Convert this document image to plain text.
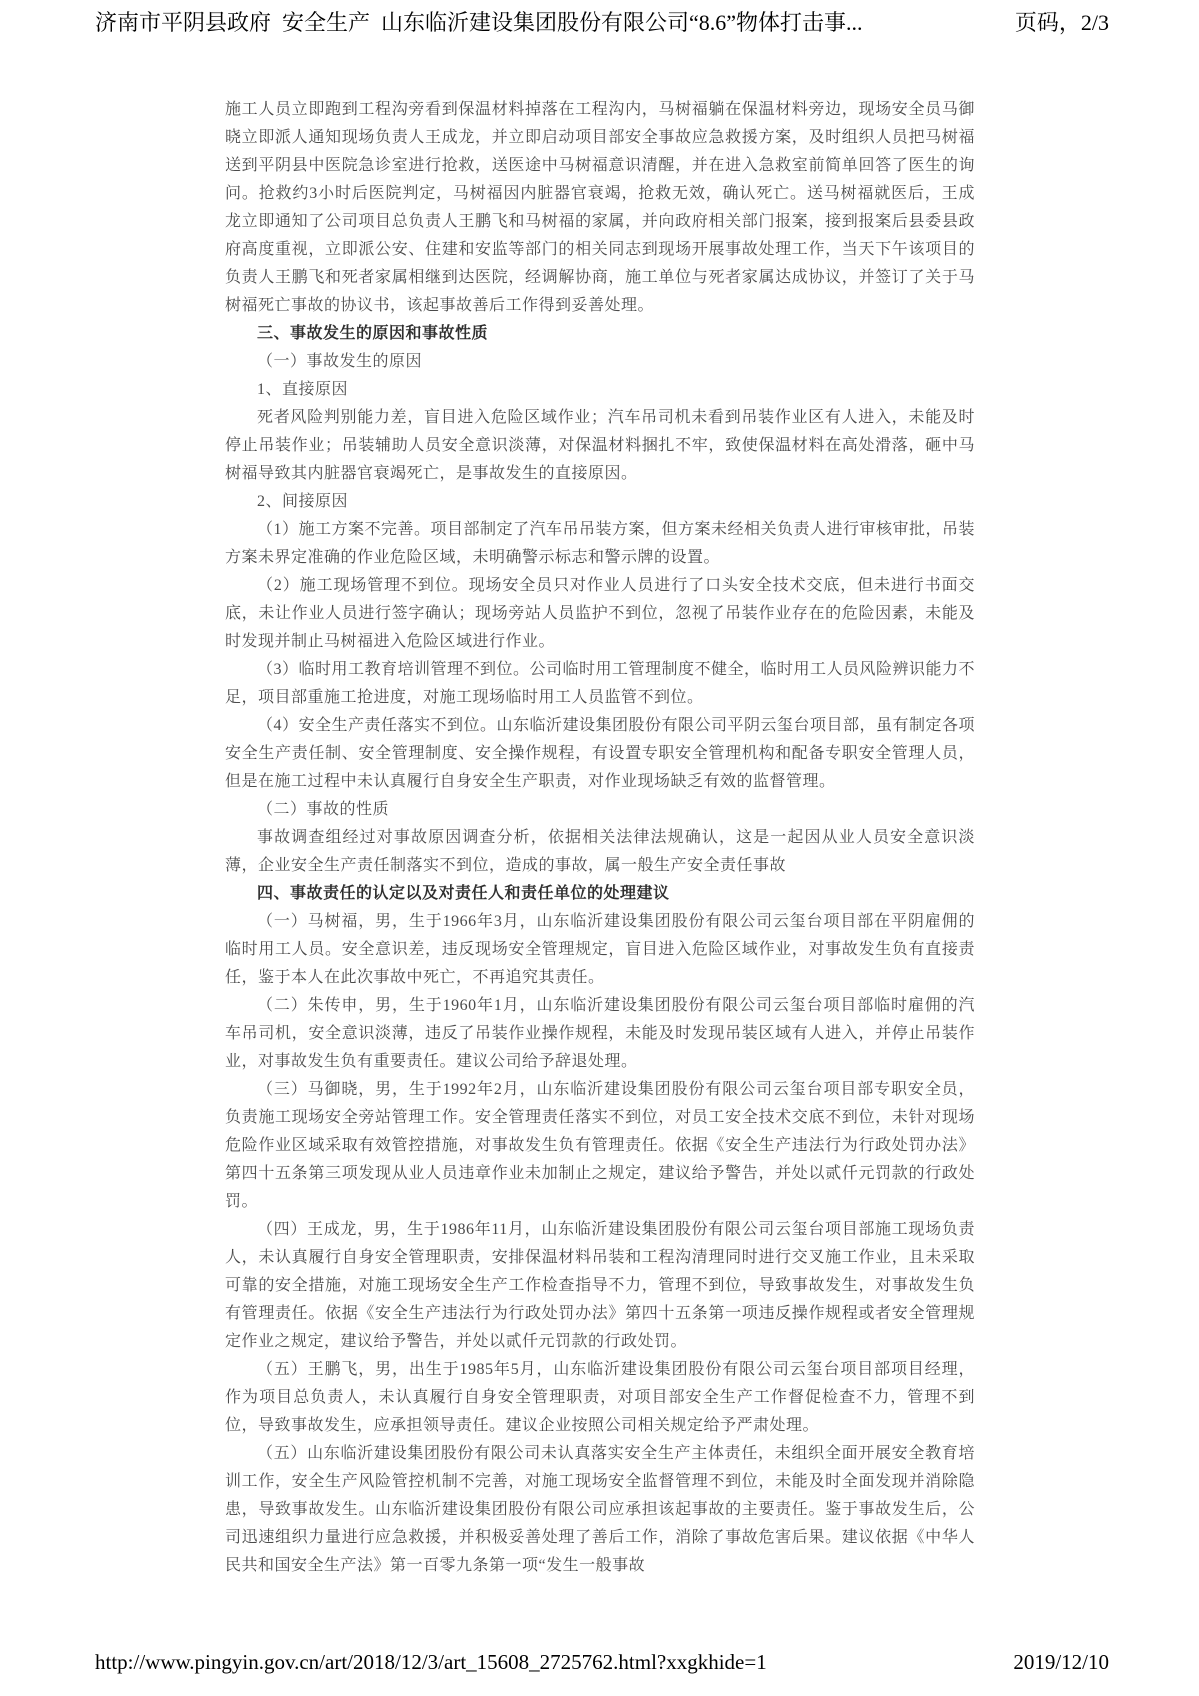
济南市平阴县政府  安全生产  山东临沂建设集团股份有限公司“8.6”物体打击事...	页码，2/3

施工人员立即跑到工程沟旁看到保温材料掉落在工程沟内，马树福躺在保温材料旁边，现场安全员马御晓立即派人通知现场负责人王成龙，并立即启动项目部安全事故应急救援方案，及时组织人员把马树福送到平阴县中医院急诊室进行抢救，送医途中马树福意识清醒，并在进入急救室前简单回答了医生的询问。抢救约3小时后医院判定，马树福因内脏器官衰竭，抢救无效，确认死亡。送马树福就医后，王成龙立即通知了公司项目总负责人王鹏飞和马树福的家属，并向政府相关部门报案，接到报案后县委县政府高度重视，立即派公安、住建和安监等部门的相关同志到现场开展事故处理工作，当天下午该项目的负责人王鹏飞和死者家属相继到达医院，经调解协商，施工单位与死者家属达成协议，并签订了关于马树福死亡事故的协议书，该起事故善后工作得到妥善处理。

三、事故发生的原因和事故性质

（一）事故发生的原因

1、直接原因

死者风险判别能力差，盲目进入危险区域作业；汽车吊司机未看到吊装作业区有人进入，未能及时停止吊装作业；吊装辅助人员安全意识淡薄，对保温材料捆扎不牢，致使保温材料在高处滑落，砸中马树福导致其内脏器官衰竭死亡，是事故发生的直接原因。

2、间接原因

（1）施工方案不完善。项目部制定了汽车吊吊装方案，但方案未经相关负责人进行审核审批，吊装方案未界定准确的作业危险区域，未明确警示标志和警示牌的设置。

（2）施工现场管理不到位。现场安全员只对作业人员进行了口头安全技术交底，但未进行书面交底，未让作业人员进行签字确认；现场旁站人员监护不到位，忽视了吊装作业存在的危险因素，未能及时发现并制止马树福进入危险区域进行作业。

（3）临时用工教育培训管理不到位。公司临时用工管理制度不健全，临时用工人员风险辨识能力不足，项目部重施工抢进度，对施工现场临时用工人员监管不到位。

（4）安全生产责任落实不到位。山东临沂建设集团股份有限公司平阴云玺台项目部，虽有制定各项安全生产责任制、安全管理制度、安全操作规程，有设置专职安全管理机构和配备专职安全管理人员，但是在施工过程中未认真履行自身安全生产职责，对作业现场缺乏有效的监督管理。

（二）事故的性质

事故调查组经过对事故原因调查分析，依据相关法律法规确认，这是一起因从业人员安全意识淡薄，企业安全生产责任制落实不到位，造成的事故，属一般生产安全责任事故

四、事故责任的认定以及对责任人和责任单位的处理建议

（一）马树福，男，生于1966年3月，山东临沂建设集团股份有限公司云玺台项目部在平阴雇佣的临时用工人员。安全意识差，违反现场安全管理规定，盲目进入危险区域作业，对事故发生负有直接责任，鉴于本人在此次事故中死亡，不再追究其责任。

（二）朱传申，男，生于1960年1月，山东临沂建设集团股份有限公司云玺台项目部临时雇佣的汽车吊司机，安全意识淡薄，违反了吊装作业操作规程，未能及时发现吊装区域有人进入，并停止吊装作业，对事故发生负有重要责任。建议公司给予辞退处理。

（三）马御晓，男，生于1992年2月，山东临沂建设集团股份有限公司云玺台项目部专职安全员，负责施工现场安全旁站管理工作。安全管理责任落实不到位，对员工安全技术交底不到位，未针对现场危险作业区域采取有效管控措施，对事故发生负有管理责任。依据《安全生产违法行为行政处罚办法》第四十五条第三项发现从业人员违章作业未加制止之规定，建议给予警告，并处以贰仟元罚款的行政处罚。

（四）王成龙，男，生于1986年11月，山东临沂建设集团股份有限公司云玺台项目部施工现场负责人，未认真履行自身安全管理职责，安排保温材料吊装和工程沟清理同时进行交叉施工作业，且未采取可靠的安全措施，对施工现场安全生产工作检查指导不力，管理不到位，导致事故发生，对事故发生负有管理责任。依据《安全生产违法行为行政处罚办法》第四十五条第一项违反操作规程或者安全管理规定作业之规定，建议给予警告，并处以贰仟元罚款的行政处罚。

（五）王鹏飞，男，出生于1985年5月，山东临沂建设集团股份有限公司云玺台项目部项目经理，作为项目总负责人，未认真履行自身安全管理职责，对项目部安全生产工作督促检查不力，管理不到位，导致事故发生，应承担领导责任。建议企业按照公司相关规定给予严肃处理。

（五）山东临沂建设集团股份有限公司未认真落实安全生产主体责任，未组织全面开展安全教育培训工作，安全生产风险管控机制不完善，对施工现场安全监督管理不到位，未能及时全面发现并消除隐患，导致事故发生。山东临沂建设集团股份有限公司应承担该起事故的主要责任。鉴于事故发生后，公司迅速组织力量进行应急救援，并积极妥善处理了善后工作，消除了事故危害后果。建议依据《中华人民共和国安全生产法》第一百零九条第一项“发生一般事故

http://www.pingyin.gov.cn/art/2018/12/3/art_15608_2725762.html?xxgkhide=1	2019/12/10
